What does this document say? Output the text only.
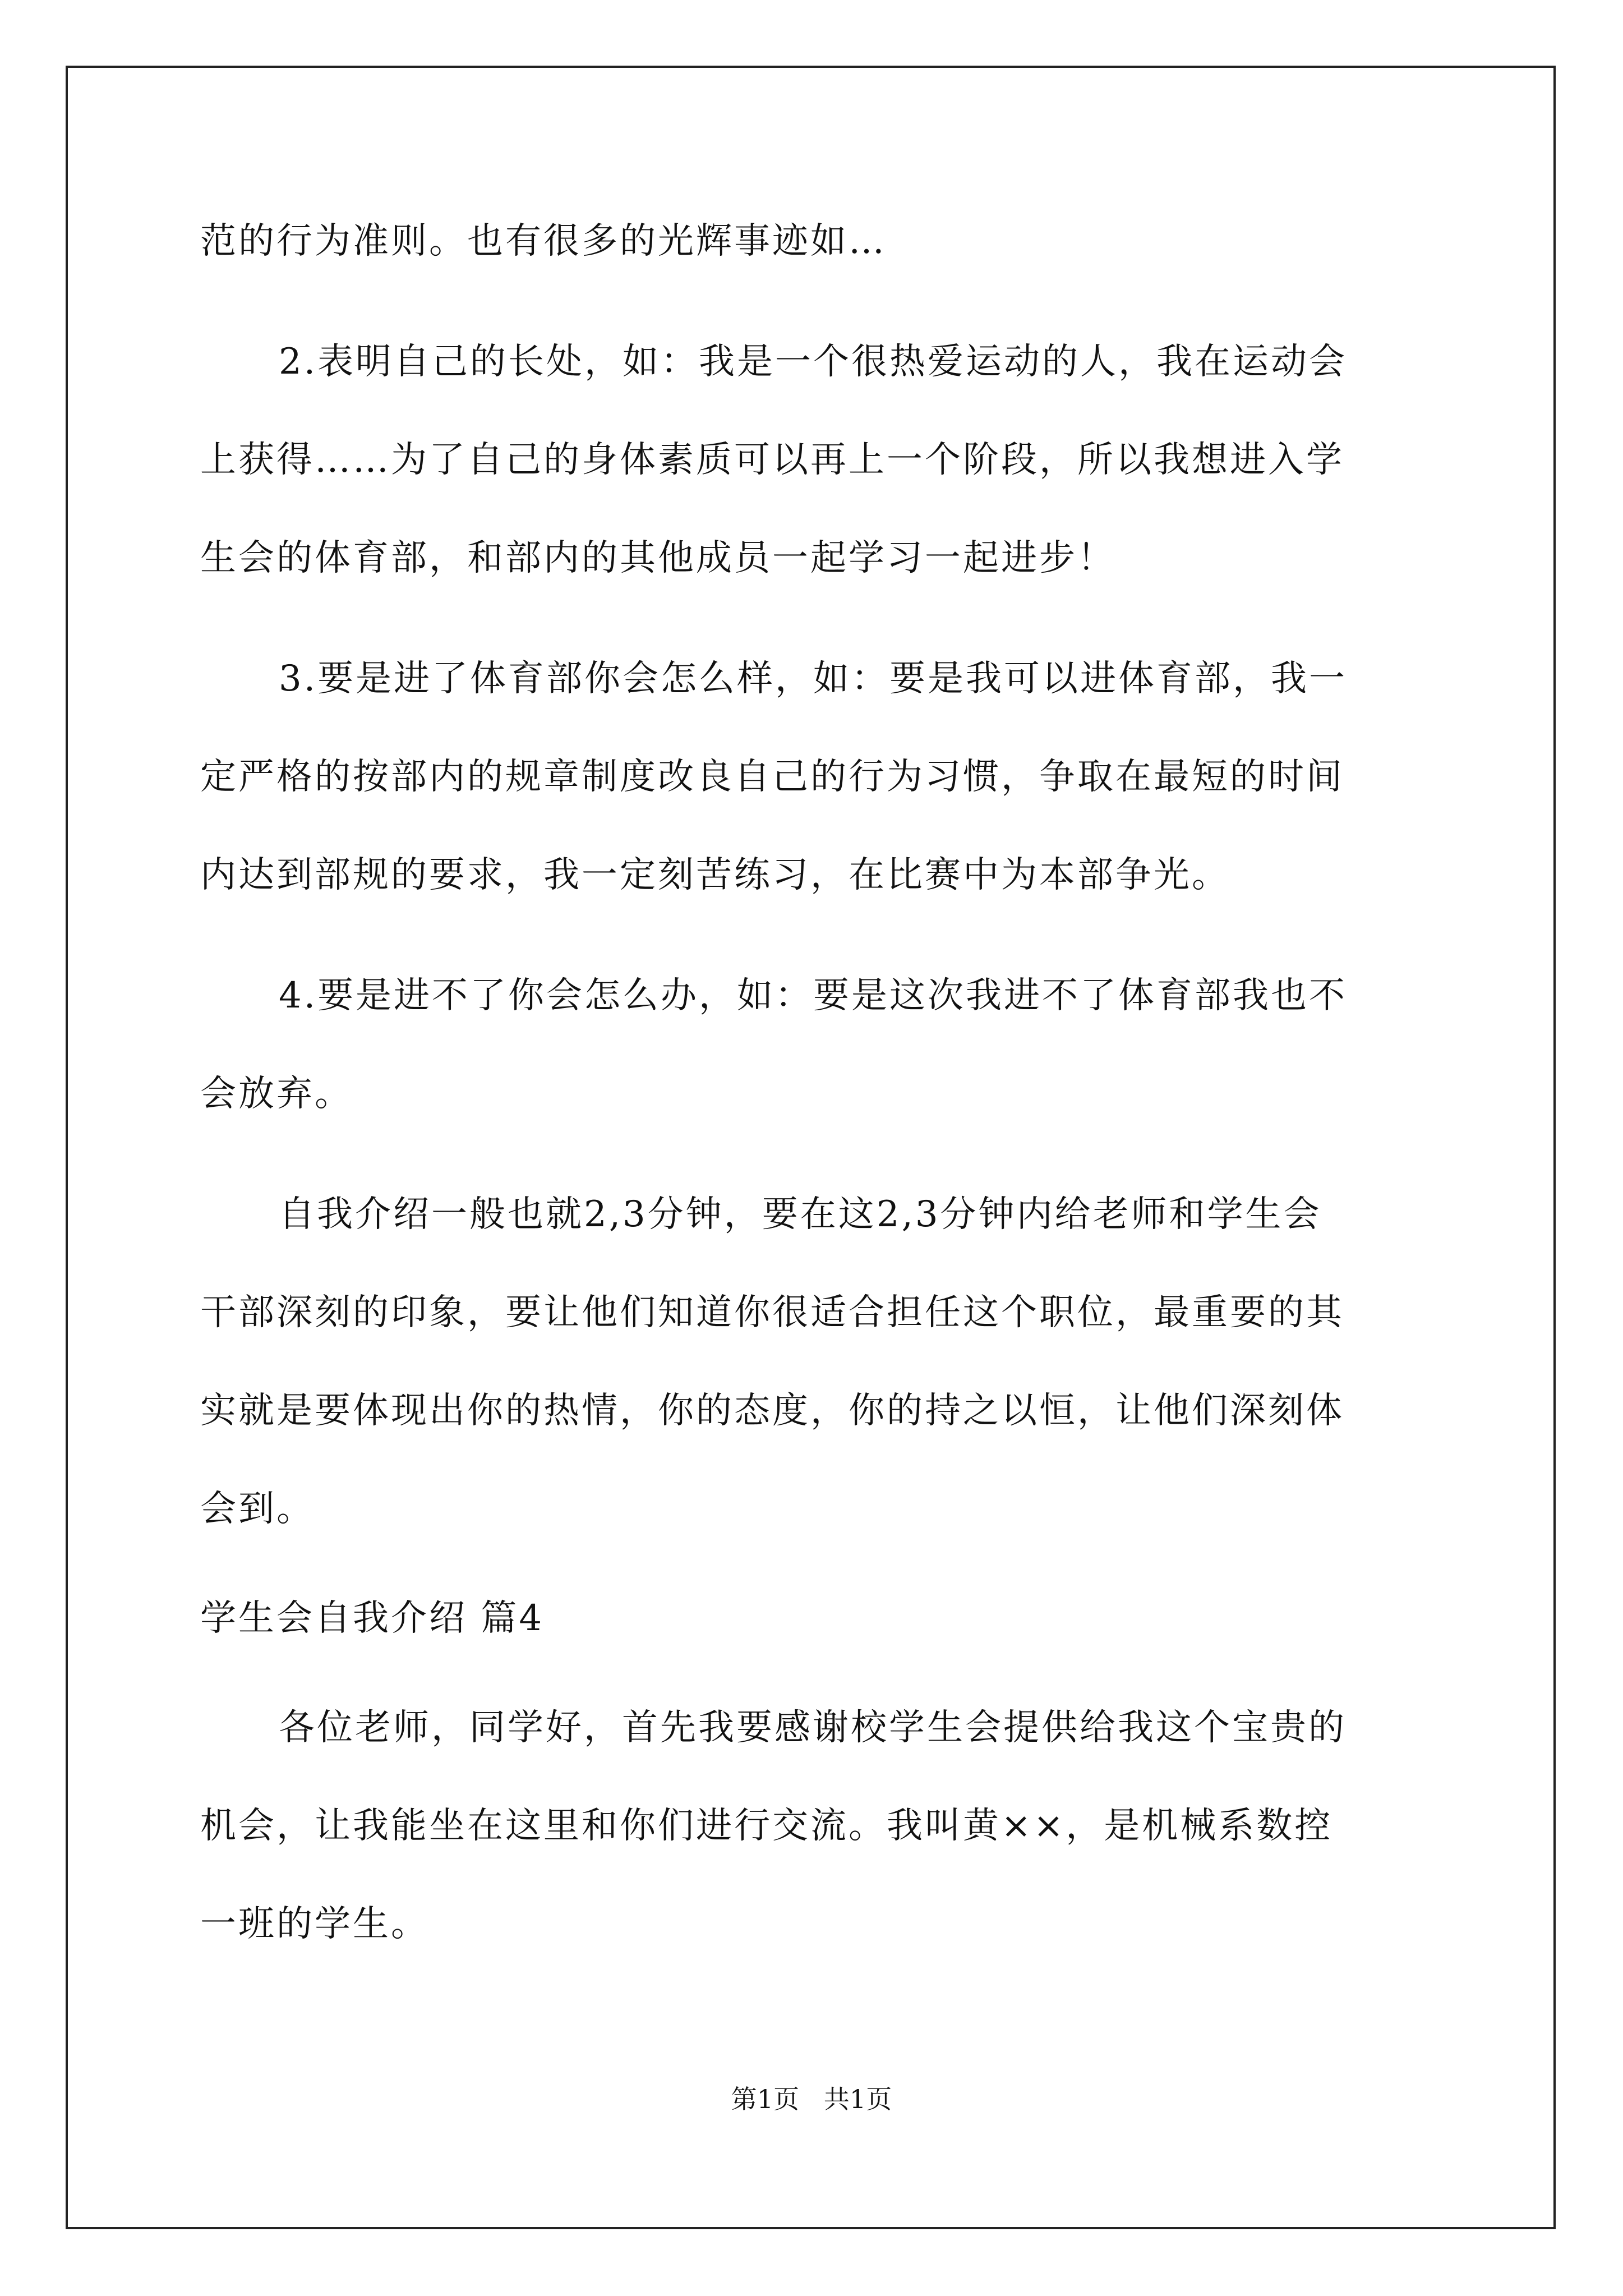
范的行为准则。也有很多的光辉事迹如…
2.表明自己的长处，如：我是一个很热爱运动的人，我在运动会
上获得……为了自己的身体素质可以再上一个阶段，所以我想进入学
生会的体育部，和部内的其他成员一起学习一起进步！
3.要是进了体育部你会怎么样，如：要是我可以进体育部，我一
定严格的按部内的规章制度改良自己的行为习惯，争取在最短的时间
内达到部规的要求，我一定刻苦练习，在比赛中为本部争光。
4.要是进不了你会怎么办，如：要是这次我进不了体育部我也不
会放弃。
自我介绍一般也就2,3分钟，要在这2,3分钟内给老师和学生会
干部深刻的印象，要让他们知道你很适合担任这个职位，最重要的其
实就是要体现出你的热情，你的态度，你的持之以恒，让他们深刻体
会到。
学生会自我介绍 篇4
各位老师，同学好，首先我要感谢校学生会提供给我这个宝贵的
机会，让我能坐在这里和你们进行交流。我叫黄××，是机械系数控
一班的学生。
第1页   共1页
